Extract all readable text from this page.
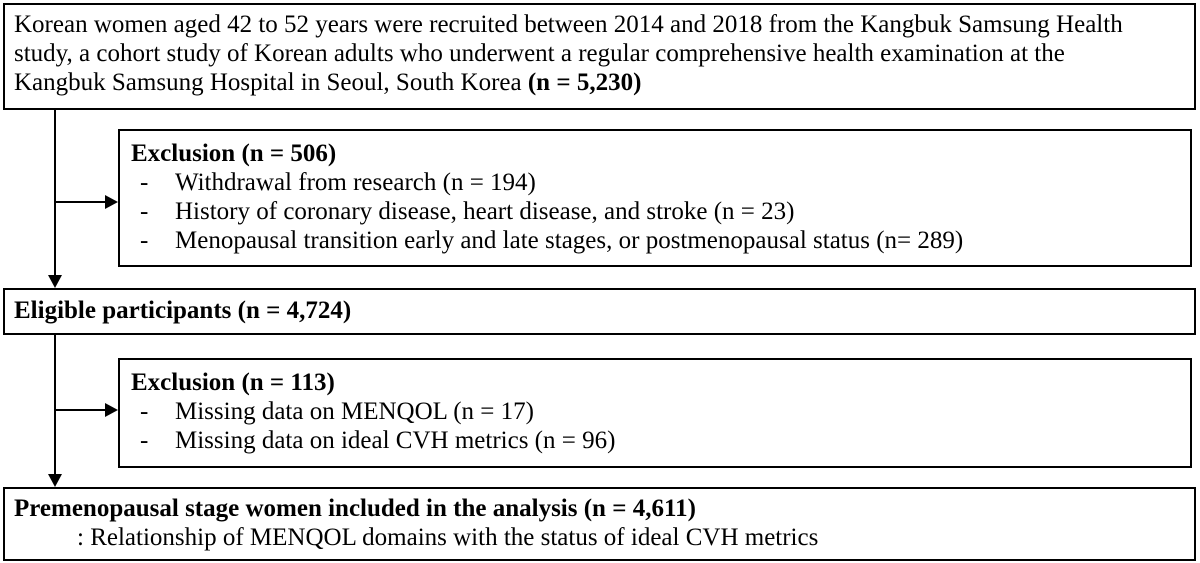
Korean women aged 42 to 52 years were recruited between 2014 and 2018 from the Kangbuk Samsung Health
study, a cohort study of Korean adults who underwent a regular comprehensive health examination at the
Kangbuk Samsung Hospital in Seoul, South Korea (n = 5,230)
Exclusion (n = 506)
- Withdrawal from research (n = 194)
- History of coronary disease, heart disease, and stroke (n = 23)
- Menopausal transition early and late stages, or postmenopausal status (n= 289)
Eligible participants (n = 4,724)
Exclusion (n = 113)
- Missing data on MENQOL (n = 17)
- Missing data on ideal CVH metrics (n = 96)
Premenopausal stage women included in the analysis (n = 4,611)
: Relationship of MENQOL domains with the status of ideal CVH metrics
